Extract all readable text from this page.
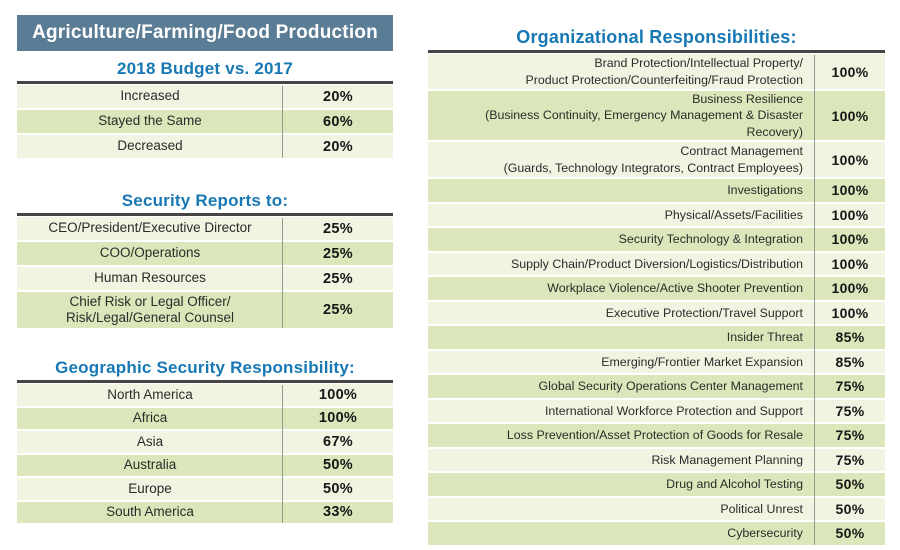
Agriculture/Farming/Food Production
2018 Budget vs. 2017
Increased	20%
Stayed the Same	60%
Decreased	20%
Security Reports to:
CEO/President/Executive Director	25%
COO/Operations	25%
Human Resources	25%
Chief Risk or Legal Officer/
Risk/Legal/General Counsel	25%
Geographic Security Responsibility:
North America	100%
Africa	100%
Asia	67%
Australia	50%
Europe	50%
South America	33%
Organizational Responsibilities:
Brand Protection/Intellectual Property/
Product Protection/Counterfeiting/Fraud Protection	100%
Business Resilience
(Business Continuity, Emergency Management & Disaster Recovery)
100%
Contract Management
(Guards, Technology Integrators, Contract Employees)	100%
Investigations	100%
Physical/Assets/Facilities	100%
Security Technology & Integration	100%
Supply Chain/Product Diversion/Logistics/Distribution	100%
Workplace Violence/Active Shooter Prevention	100%
Executive Protection/Travel Support	100%
Insider Threat	85%
Emerging/Frontier Market Expansion	85%
Global Security Operations Center Management	75%
International Workforce Protection and Support	75%
Loss Prevention/Asset Protection of Goods for Resale	75%
Risk Management Planning	75%
Drug and Alcohol Testing	50%
Political Unrest	50%
Cybersecurity	50%
